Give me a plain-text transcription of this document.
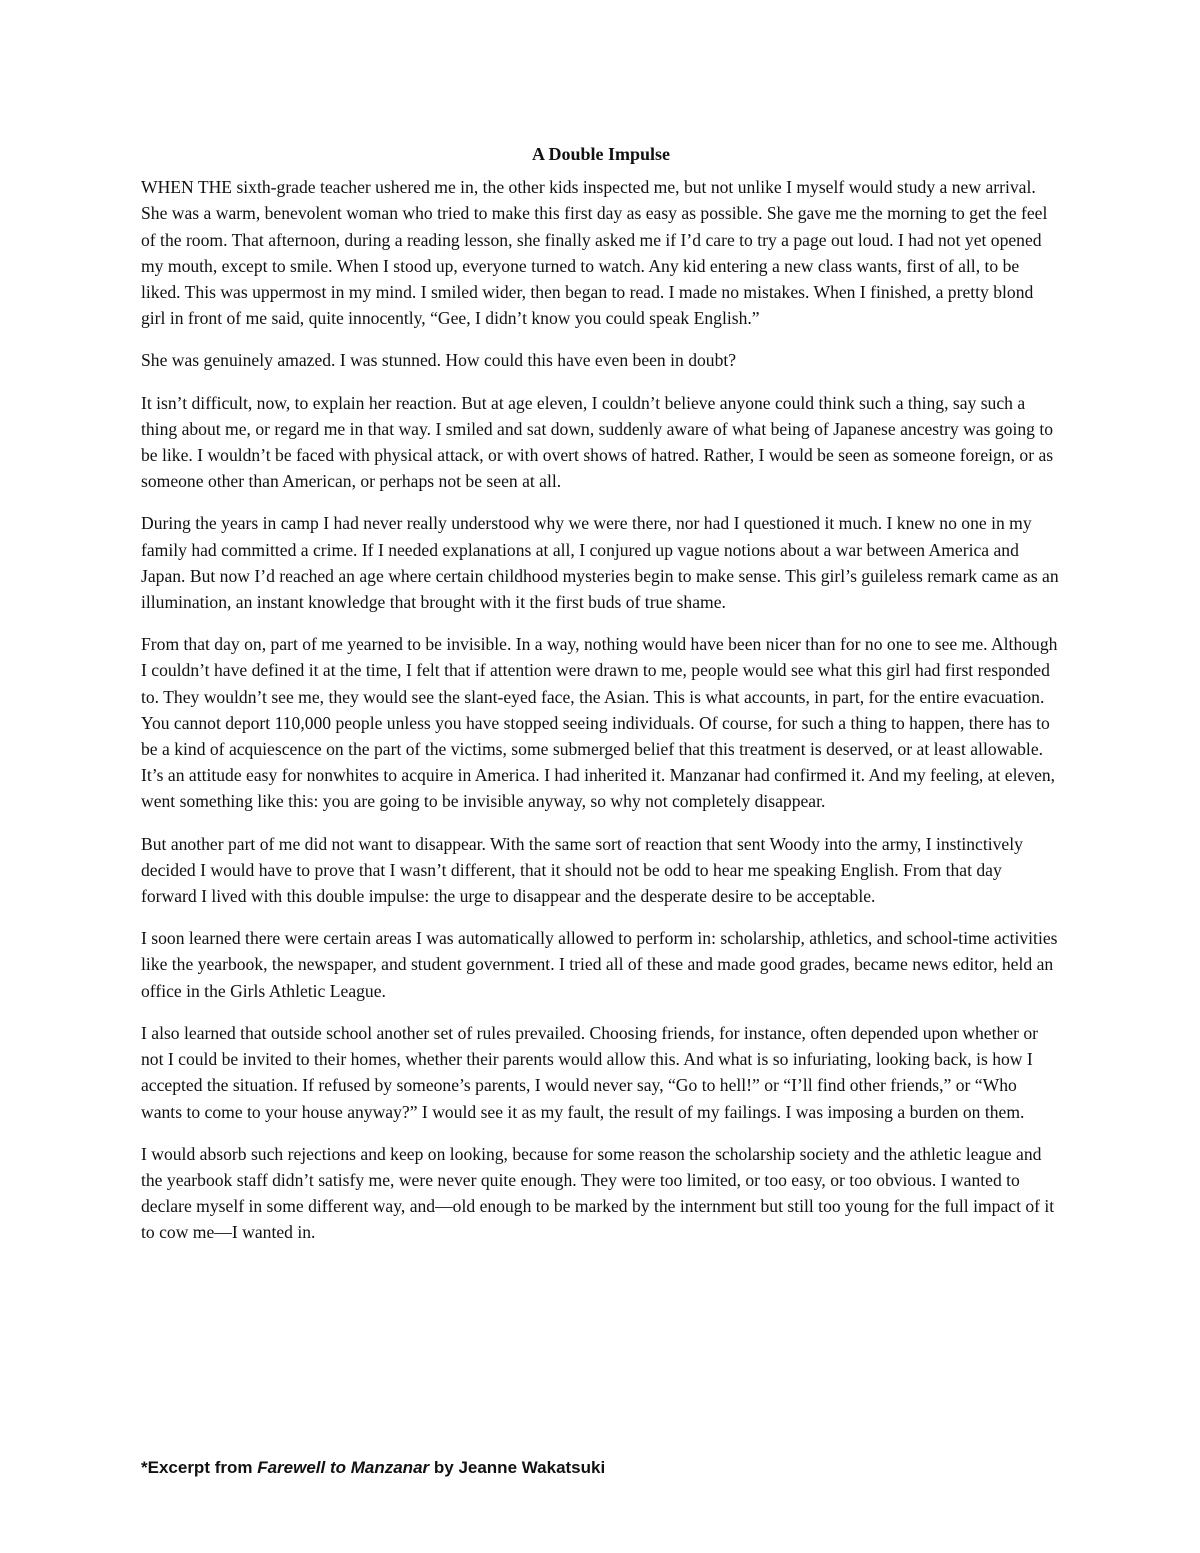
A Double Impulse

WHEN THE sixth-grade teacher ushered me in, the other kids inspected me, but not unlike I myself would study a new arrival. She was a warm, benevolent woman who tried to make this first day as easy as possible. She gave me the morning to get the feel of the room. That afternoon, during a reading lesson, she finally asked me if I’d care to try a page out loud. I had not yet opened my mouth, except to smile. When I stood up, everyone turned to watch. Any kid entering a new class wants, first of all, to be liked. This was uppermost in my mind. I smiled wider, then began to read. I made no mistakes. When I finished, a pretty blond girl in front of me said, quite innocently, “Gee, I didn’t know you could speak English.”

She was genuinely amazed. I was stunned. How could this have even been in doubt?

It isn’t difficult, now, to explain her reaction. But at age eleven, I couldn’t believe anyone could think such a thing, say such a thing about me, or regard me in that way. I smiled and sat down, suddenly aware of what being of Japanese ancestry was going to be like. I wouldn’t be faced with physical attack, or with overt shows of hatred. Rather, I would be seen as someone foreign, or as someone other than American, or perhaps not be seen at all.

During the years in camp I had never really understood why we were there, nor had I questioned it much. I knew no one in my family had committed a crime. If I needed explanations at all, I conjured up vague notions about a war between America and Japan. But now I’d reached an age where certain childhood mysteries begin to make sense. This girl’s guileless remark came as an illumination, an instant knowledge that brought with it the first buds of true shame.

From that day on, part of me yearned to be invisible. In a way, nothing would have been nicer than for no one to see me. Although I couldn’t have defined it at the time, I felt that if attention were drawn to me, people would see what this girl had first responded to. They wouldn’t see me, they would see the slant-eyed face, the Asian. This is what accounts, in part, for the entire evacuation. You cannot deport 110,000 people unless you have stopped seeing individuals. Of course, for such a thing to happen, there has to be a kind of acquiescence on the part of the victims, some submerged belief that this treatment is deserved, or at least allowable. It’s an attitude easy for nonwhites to acquire in America. I had inherited it. Manzanar had confirmed it. And my feeling, at eleven, went something like this: you are going to be invisible anyway, so why not completely disappear.

But another part of me did not want to disappear. With the same sort of reaction that sent Woody into the army, I instinctively decided I would have to prove that I wasn’t different, that it should not be odd to hear me speaking English. From that day forward I lived with this double impulse: the urge to disappear and the desperate desire to be acceptable.

I soon learned there were certain areas I was automatically allowed to perform in: scholarship, athletics, and school-time activities like the yearbook, the newspaper, and student government. I tried all of these and made good grades, became news editor, held an office in the Girls Athletic League.

I also learned that outside school another set of rules prevailed. Choosing friends, for instance, often depended upon whether or not I could be invited to their homes, whether their parents would allow this. And what is so infuriating, looking back, is how I accepted the situation. If refused by someone’s parents, I would never say, “Go to hell!” or “I’ll find other friends,” or “Who wants to come to your house anyway?” I would see it as my fault, the result of my failings. I was imposing a burden on them.

I would absorb such rejections and keep on looking, because for some reason the scholarship society and the athletic league and the yearbook staff didn’t satisfy me, were never quite enough. They were too limited, or too easy, or too obvious. I wanted to declare myself in some different way, and—old enough to be marked by the internment but still too young for the full impact of it to cow me—I wanted in.

*Excerpt from Farewell to Manzanar by Jeanne Wakatsuki
